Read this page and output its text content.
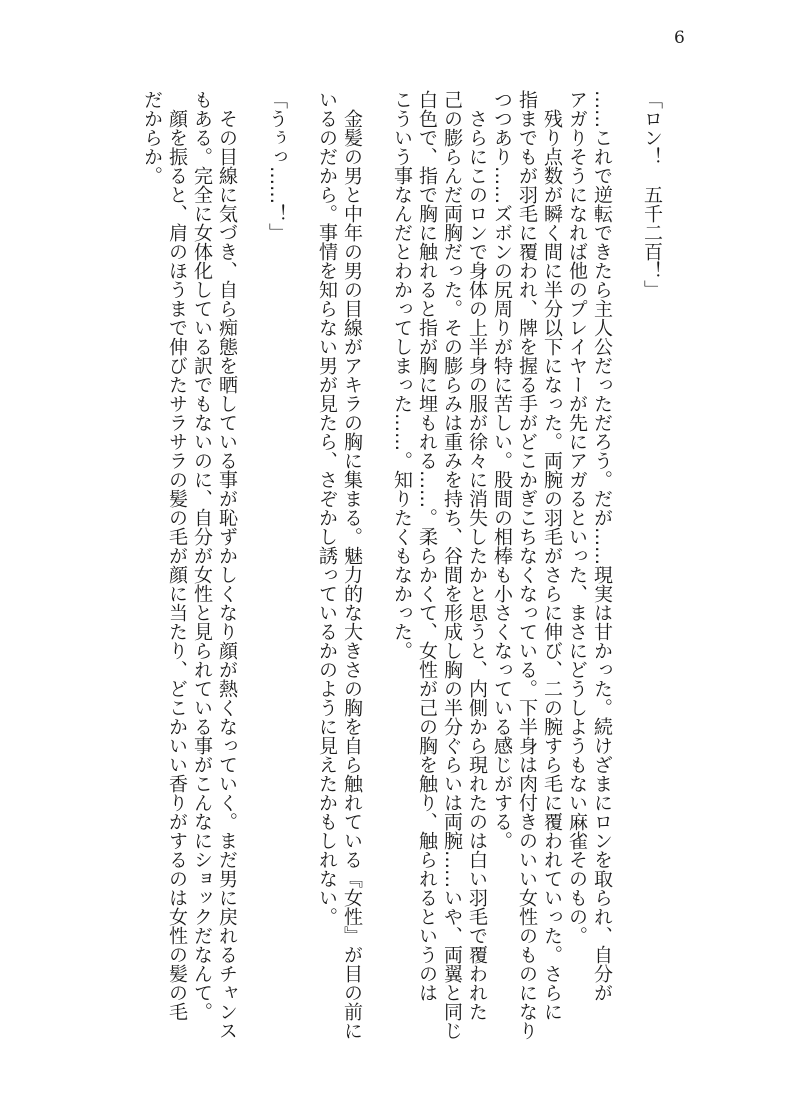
6
「ロン！　五千二百！」
……これで逆転できたら主人公だっただろう。だが……現実は甘かった。続けざまにロンを取られ、自分が
アガりそうになれば他のプレイヤーが先にアガるといった、まさにどうしようもない麻雀そのもの。
　残り点数が瞬く間に半分以下になった。両腕の羽毛がさらに伸び、二の腕すら毛に覆われていった。さらに
指までもが羽毛に覆われ、牌を握る手がどこかぎこちなくなっている。下半身は肉付きのいい女性のものになり
つつあり……ズボンの尻周りが特に苦しい。股間の相棒も小さくなっている感じがする。
　さらにこのロンで身体の上半身の服が徐々に消失したかと思うと、内側から現れたのは白い羽毛で覆われた
己の膨らんだ両胸だった。その膨らみは重みを持ち、谷間を形成し胸の半分ぐらいは両腕……いや、両翼と同じ
白色で、指で胸に触れると指が胸に埋もれる……。柔らかくて、女性が己の胸を触り、触られるというのは
こういう事なんだとわかってしまった……。知りたくもなかった。
　金髪の男と中年の男の目線がアキラの胸に集まる。魅力的な大きさの胸を自ら触れている『女性』が目の前に
いるのだから。事情を知らない男が見たら、さぞかし誘っているかのように見えたかもしれない。
「うぅっ……！」
　その目線に気づき、自ら痴態を晒している事が恥ずかしくなり顔が熱くなっていく。まだ男に戻れるチャンス
もある。完全に女体化している訳でもないのに、自分が女性と見られている事がこんなにショックだなんて。
　顔を振ると、肩のほうまで伸びたサラサラの髪の毛が顔に当たり、どこかいい香りがするのは女性の髪の毛
だからか。
